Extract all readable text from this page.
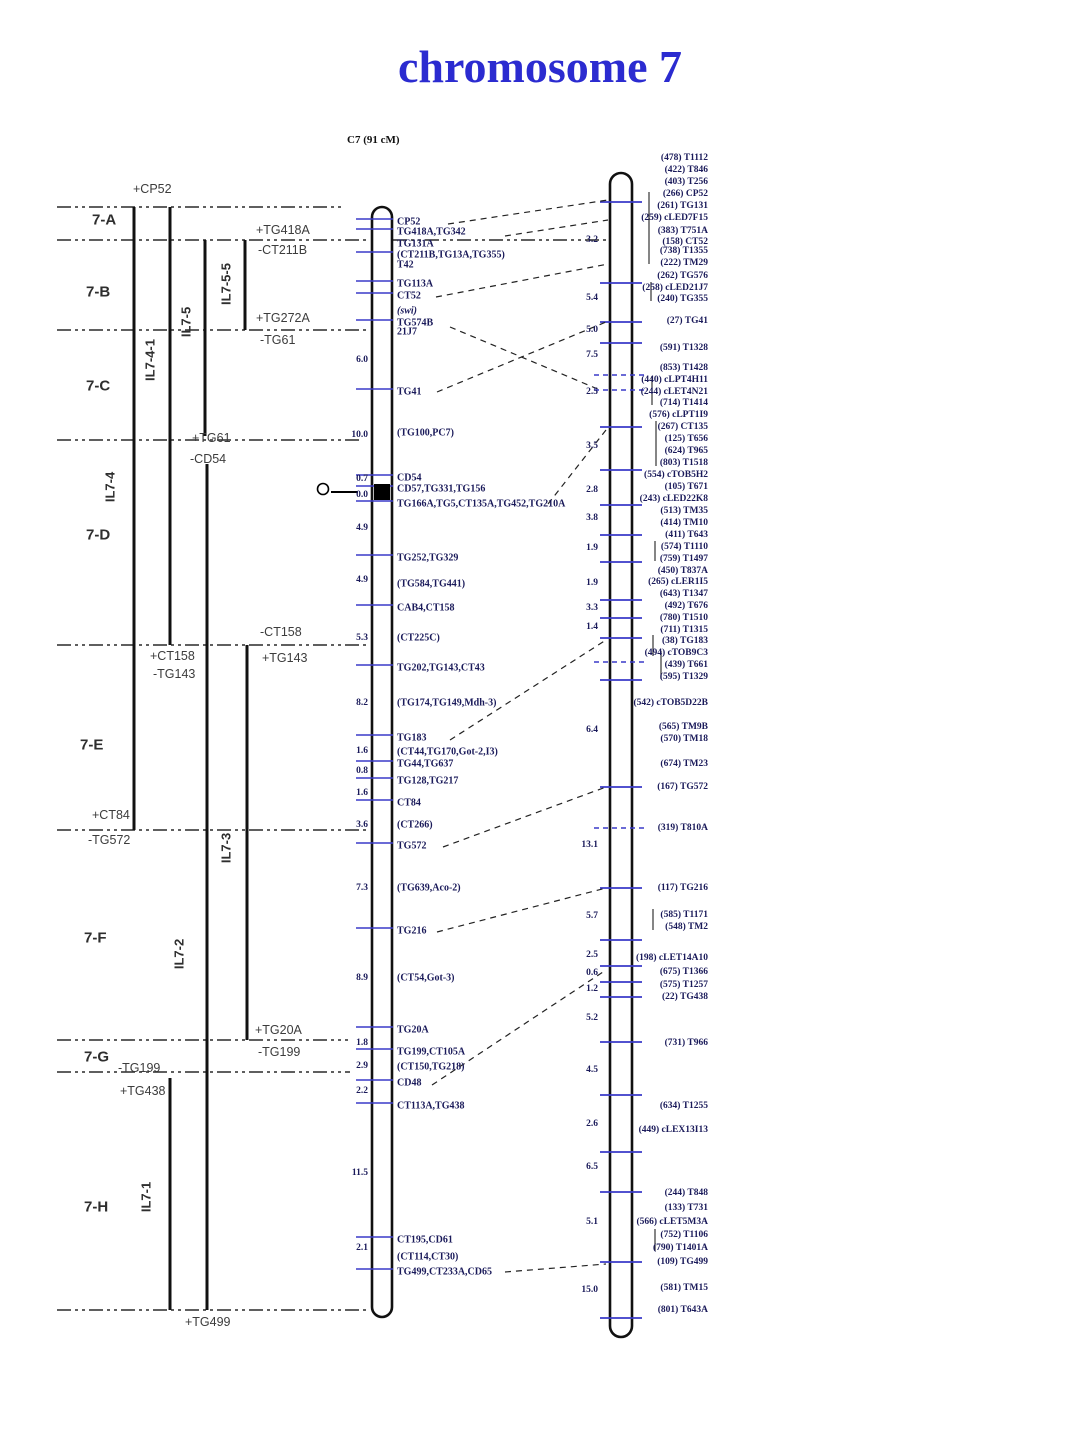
chromosome 7
C7 (91 cM)
7-A
7-B
7-C
7-D
7-E
7-F
7-G
7-H
IL7-4
IL7-4-1
IL7-5
IL7-5-5
IL7-3
IL7-2
IL7-1
+CP52
+TG418A
-CT211B
+TG272A
-TG61
+TG61
-CD54
-CT158
+CT158
-TG143
+TG143
+CT84
-TG572
+TG20A
-TG199
-TG199
+TG438
+TG499
CP52
TG418A,TG342
TG131A
(CT211B,TG13A,TG355)
T42
TG113A
CT52
(swi)
TG574B
21J7
TG41
(TG100,PC7)
CD54
CD57,TG331,TG156
TG166A,TG5,CT135A,TG452,TG210A
TG252,TG329
(TG584,TG441)
CAB4,CT158
(CT225C)
TG202,TG143,CT43
(TG174,TG149,Mdh-3)
TG183
(CT44,TG170,Got-2,I3)
TG44,TG637
TG128,TG217
CT84
(CT266)
TG572
(TG639,Aco-2)
TG216
(CT54,Got-3)
TG20A
TG199,CT105A
(CT150,TG218)
CD48
CT113A,TG438
CT195,CD61
(CT114,CT30)
TG499,CT233A,CD65
6.0
10.0
0.7
0.0
4.9
4.9
5.3
8.2
1.6
0.8
1.6
3.6
7.3
8.9
1.8
2.9
2.2
11.5
2.1
(478) T1112
(422) T846
(403) T256
(266) CP52
(261) TG131
(259) cLED7F15
(383) T751A
(158) CT52
(738) T1355
(222) TM29
(262) TG576
(258) cLED21J7
(240) TG355
(27) TG41
(591) T1328
(853) T1428
(440) cLPT4H11
(244) cLET4N21
(714) T1414
(576) cLPT1I9
(267) CT135
(125) T656
(624) T965
(803) T1518
(554) cTOB5H2
(105) T671
(243) cLED22K8
(513) TM35
(414) TM10
(411) T643
(574) T1110
(759) T1497
(450) T837A
(265) cLER1I5
(643) T1347
(492) T676
(780) T1510
(711) T1315
(38) TG183
(494) cTOB9C3
(439) T661
(595) T1329
(542) cTOB5D22B
(565) TM9B
(570) TM18
(674) TM23
(167) TG572
(319) T810A
(117) TG216
(585) T1171
(548) TM2
(198) cLET14A10
(675) T1366
(575) T1257
(22) TG438
(731) T966
(634) T1255
(449) cLEX13I13
(244) T848
(133) T731
(566) cLET5M3A
(752) T1106
(790) T1401A
(109) TG499
(581) TM15
(801) T643A
3.2
5.4
5.0
7.5
2.5
3.5
2.8
3.8
1.9
1.9
3.3
1.4
6.4
13.1
5.7
2.5
0.6
1.2
5.2
4.5
2.6
6.5
5.1
15.0
